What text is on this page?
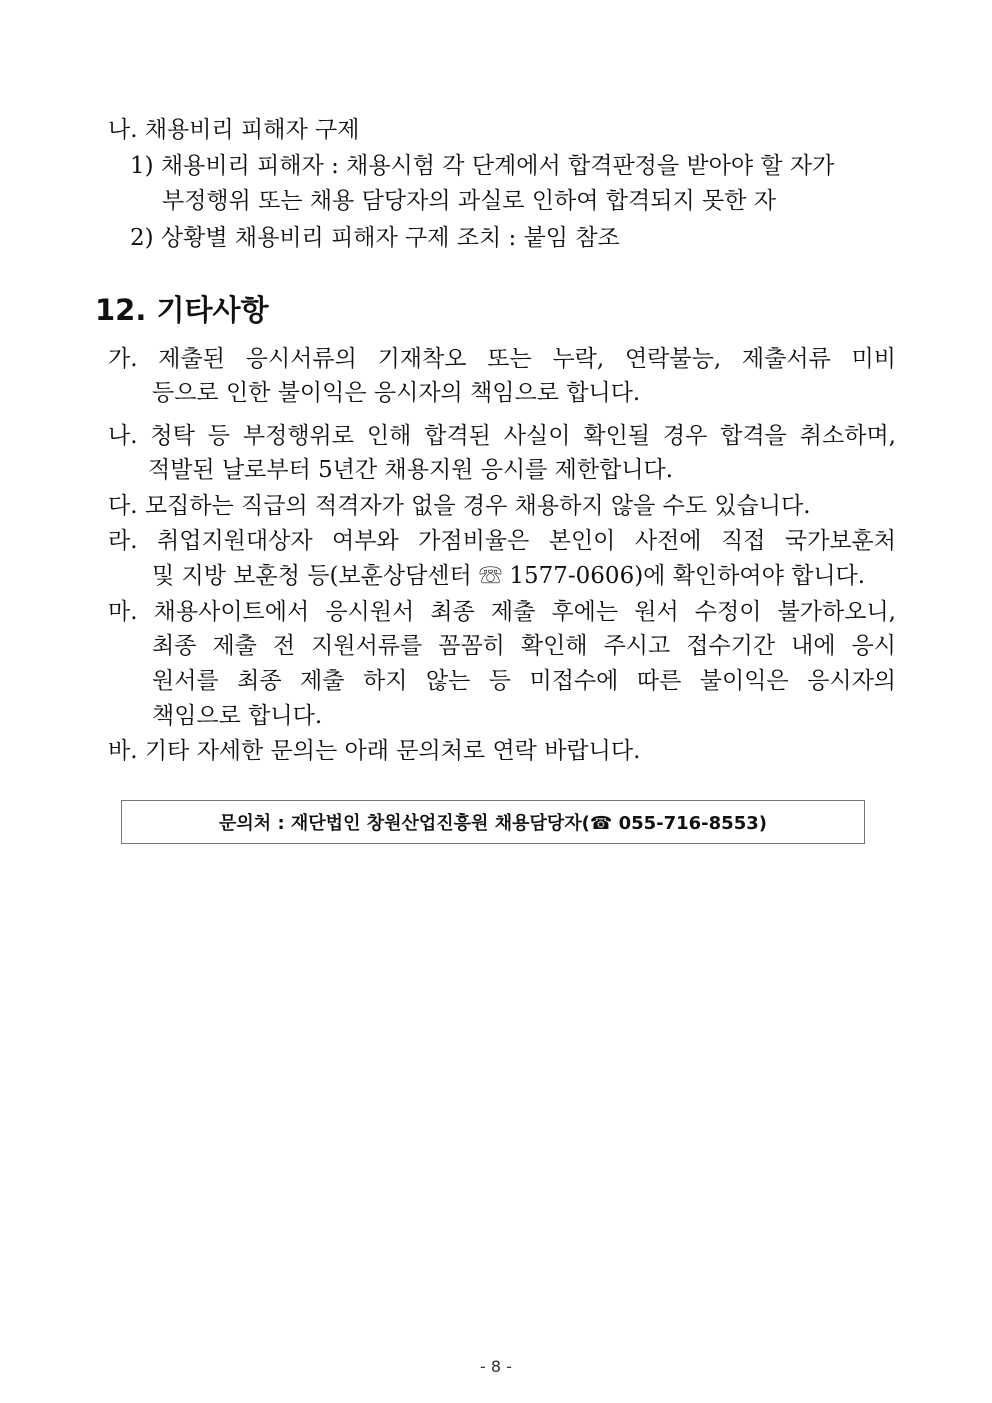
나. 채용비리 피해자 구제
1) 채용비리 피해자 : 채용시험 각 단계에서 합격판정을 받아야 할 자가
부정행위 또는 채용 담당자의 과실로 인하여 합격되지 못한 자
2) 상황별 채용비리 피해자 구제 조치 : 붙임 참조
12. 기타사항
가. 제출된 응시서류의 기재착오 또는 누락, 연락불능, 제출서류 미비
등으로 인한 불이익은 응시자의 책임으로 합니다.
나. 청탁 등 부정행위로 인해 합격된 사실이 확인될 경우 합격을 취소하며,
적발된 날로부터 5년간 채용지원 응시를 제한합니다.
다. 모집하는 직급의 적격자가 없을 경우 채용하지 않을 수도 있습니다.
라. 취업지원대상자 여부와 가점비율은 본인이 사전에 직접 국가보훈처
및 지방 보훈청 등(보훈상담센터 ☏ 1577-0606)에 확인하여야 합니다.
마. 채용사이트에서 응시원서 최종 제출 후에는 원서 수정이 불가하오니,
최종 제출 전 지원서류를 꼼꼼히 확인해 주시고 접수기간 내에 응시
원서를 최종 제출 하지 않는 등 미접수에 따른 불이익은 응시자의
책임으로 합니다.
바. 기타 자세한 문의는 아래 문의처로 연락 바랍니다.
문의처 : 재단법인 창원산업진흥원 채용담당자(☎ 055-716-8553)
- 8 -
